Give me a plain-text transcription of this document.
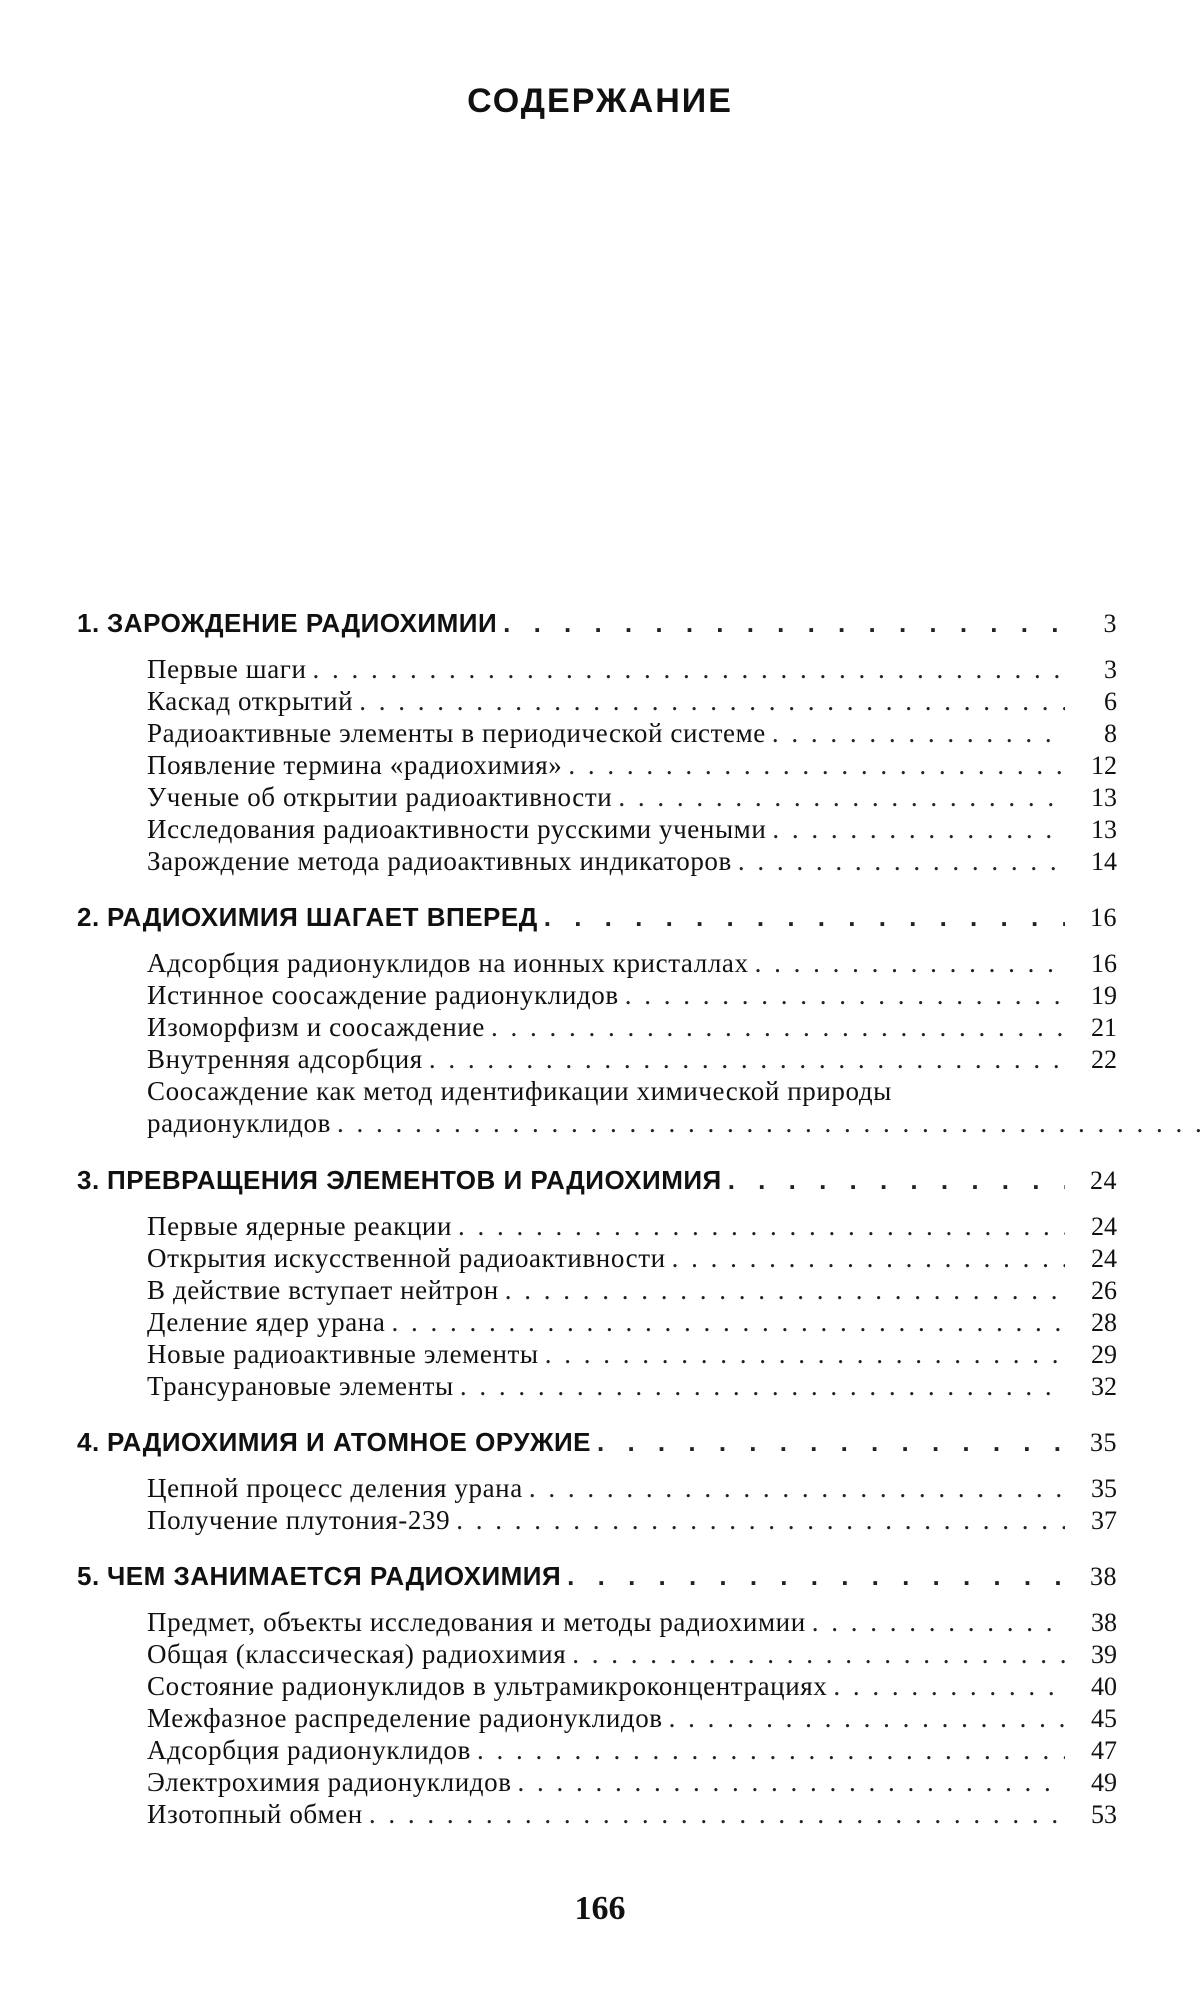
СОДЕРЖАНИЕ
1. ЗАРОЖДЕНИЕ РАДИОХИМИИ
. . .	3
Первые шаги
. . .	3
Каскад открытий
. . .	6
Радиоактивные элементы в периодической системе
. . .	8
Появление термина «радиохимия»
. . .	12
Ученые об открытии радиоактивности
. . .	13
Исследования радиоактивности русскими учеными
. . .	13
Зарождение метода радиоактивных индикаторов
. . .	14
2. РАДИОХИМИЯ ШАГАЕТ ВПЕРЕД
. . .	16
Адсорбция радионуклидов на ионных кристаллах
. . .	16
Истинное соосаждение радионуклидов
. . .	19
Изоморфизм и соосаждение
. . .	21
Внутренняя адсорбция
. . .	22
Соосаждение как метод идентификации химической природы
радионуклидов
. . .
3. ПРЕВРАЩЕНИЯ ЭЛЕМЕНТОВ И РАДИОХИМИЯ
. . .	24
Первые ядерные реакции
. . .	24
Открытия искусственной радиоактивности
. . .	24
В действие вступает нейтрон
. . .	26
Деление ядер урана
. . .	28
Новые радиоактивные элементы
. . .	29
Трансурановые элементы
. . .	32
4. РАДИОХИМИЯ И АТОМНОЕ ОРУЖИЕ
. . .	35
Цепной процесс деления урана
. . .	35
Получение плутония-239
. . .	37
5. ЧЕМ ЗАНИМАЕТСЯ РАДИОХИМИЯ
. . .	38
Предмет, объекты исследования и методы радиохимии
. . .	38
Общая (классическая) радиохимия
. . .	39
Состояние радионуклидов в ультрамикроконцентрациях
. . .	40
Межфазное распределение радионуклидов
. . .	45
Адсорбция радионуклидов
. . .	47
Электрохимия радионуклидов
. . .	49
Изотопный обмен
. . .	53
166
